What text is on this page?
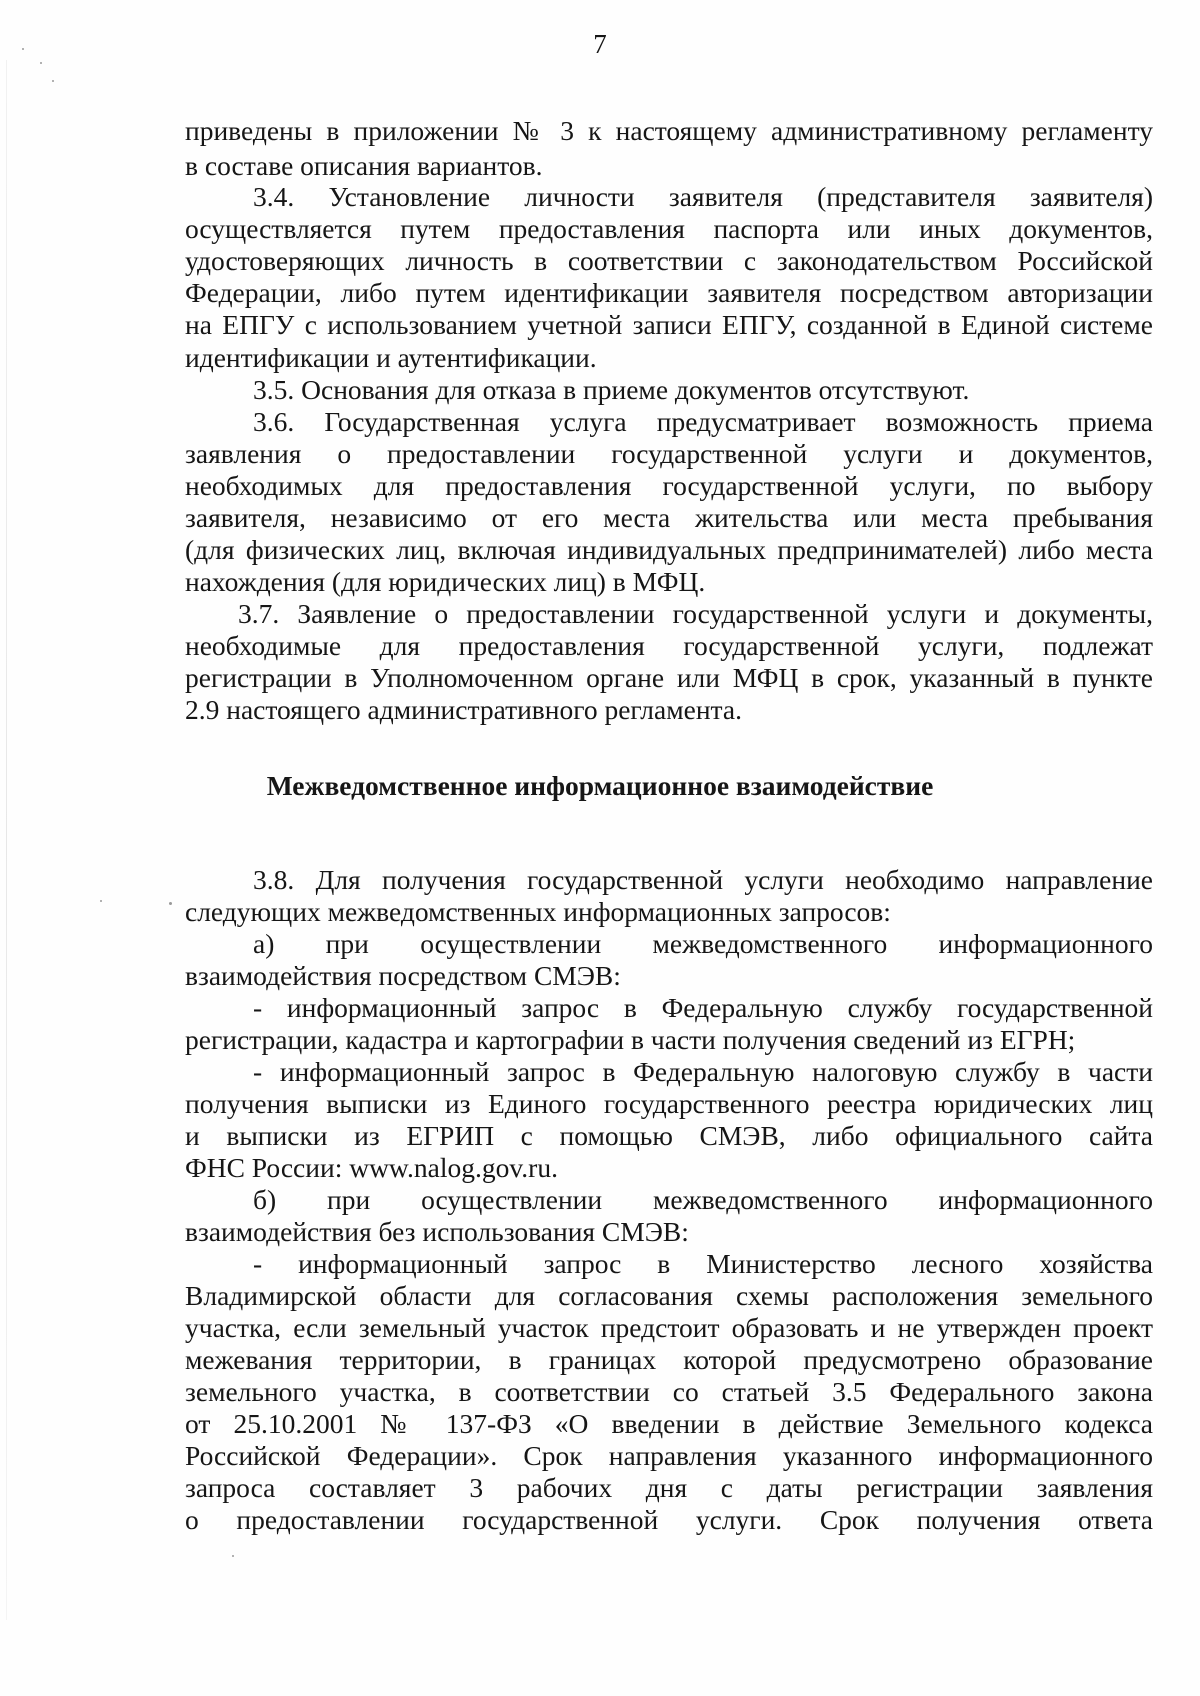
7
приведены в приложении № 3 к настоящему административному регламенту
в составе описания вариантов.
3.4. Установление личности заявителя (представителя заявителя)
осуществляется путем предоставления паспорта или иных документов,
удостоверяющих личность в соответствии с законодательством Российской
Федерации, либо путем идентификации заявителя посредством авторизации
на ЕПГУ с использованием учетной записи ЕПГУ, созданной в Единой системе
идентификации и аутентификации.
3.5. Основания для отказа в приеме документов отсутствуют.
3.6. Государственная услуга предусматривает возможность приема
заявления о предоставлении государственной услуги и документов,
необходимых для предоставления государственной услуги, по выбору
заявителя, независимо от его места жительства или места пребывания
(для физических лиц, включая индивидуальных предпринимателей) либо места
нахождения (для юридических лиц) в МФЦ.
3.7. Заявление о предоставлении государственной услуги и документы,
необходимые для предоставления государственной услуги, подлежат
регистрации в Уполномоченном органе или МФЦ в срок, указанный в пункте
2.9 настоящего административного регламента.
Межведомственное информационное взаимодействие
3.8. Для получения государственной услуги необходимо направление
следующих межведомственных информационных запросов:
а) при осуществлении межведомственного информационного
взаимодействия посредством СМЭВ:
- информационный запрос в Федеральную службу государственной
регистрации, кадастра и картографии в части получения сведений из ЕГРН;
- информационный запрос в Федеральную налоговую службу в части
получения выписки из Единого государственного реестра юридических лиц
и выписки из ЕГРИП с помощью СМЭВ, либо официального сайта
ФНС России: www.nalog.gov.ru.
б) при осуществлении межведомственного информационного
взаимодействия без использования СМЭВ:
- информационный запрос в Министерство лесного хозяйства
Владимирской области для согласования схемы расположения земельного
участка, если земельный участок предстоит образовать и не утвержден проект
межевания территории, в границах которой предусмотрено образование
земельного участка, в соответствии со статьей 3.5 Федерального закона
от 25.10.2001 № 137-ФЗ «О введении в действие Земельного кодекса
Российской Федерации». Срок направления указанного информационного
запроса составляет 3 рабочих дня с даты регистрации заявления
о предоставлении государственной услуги. Срок получения ответа
